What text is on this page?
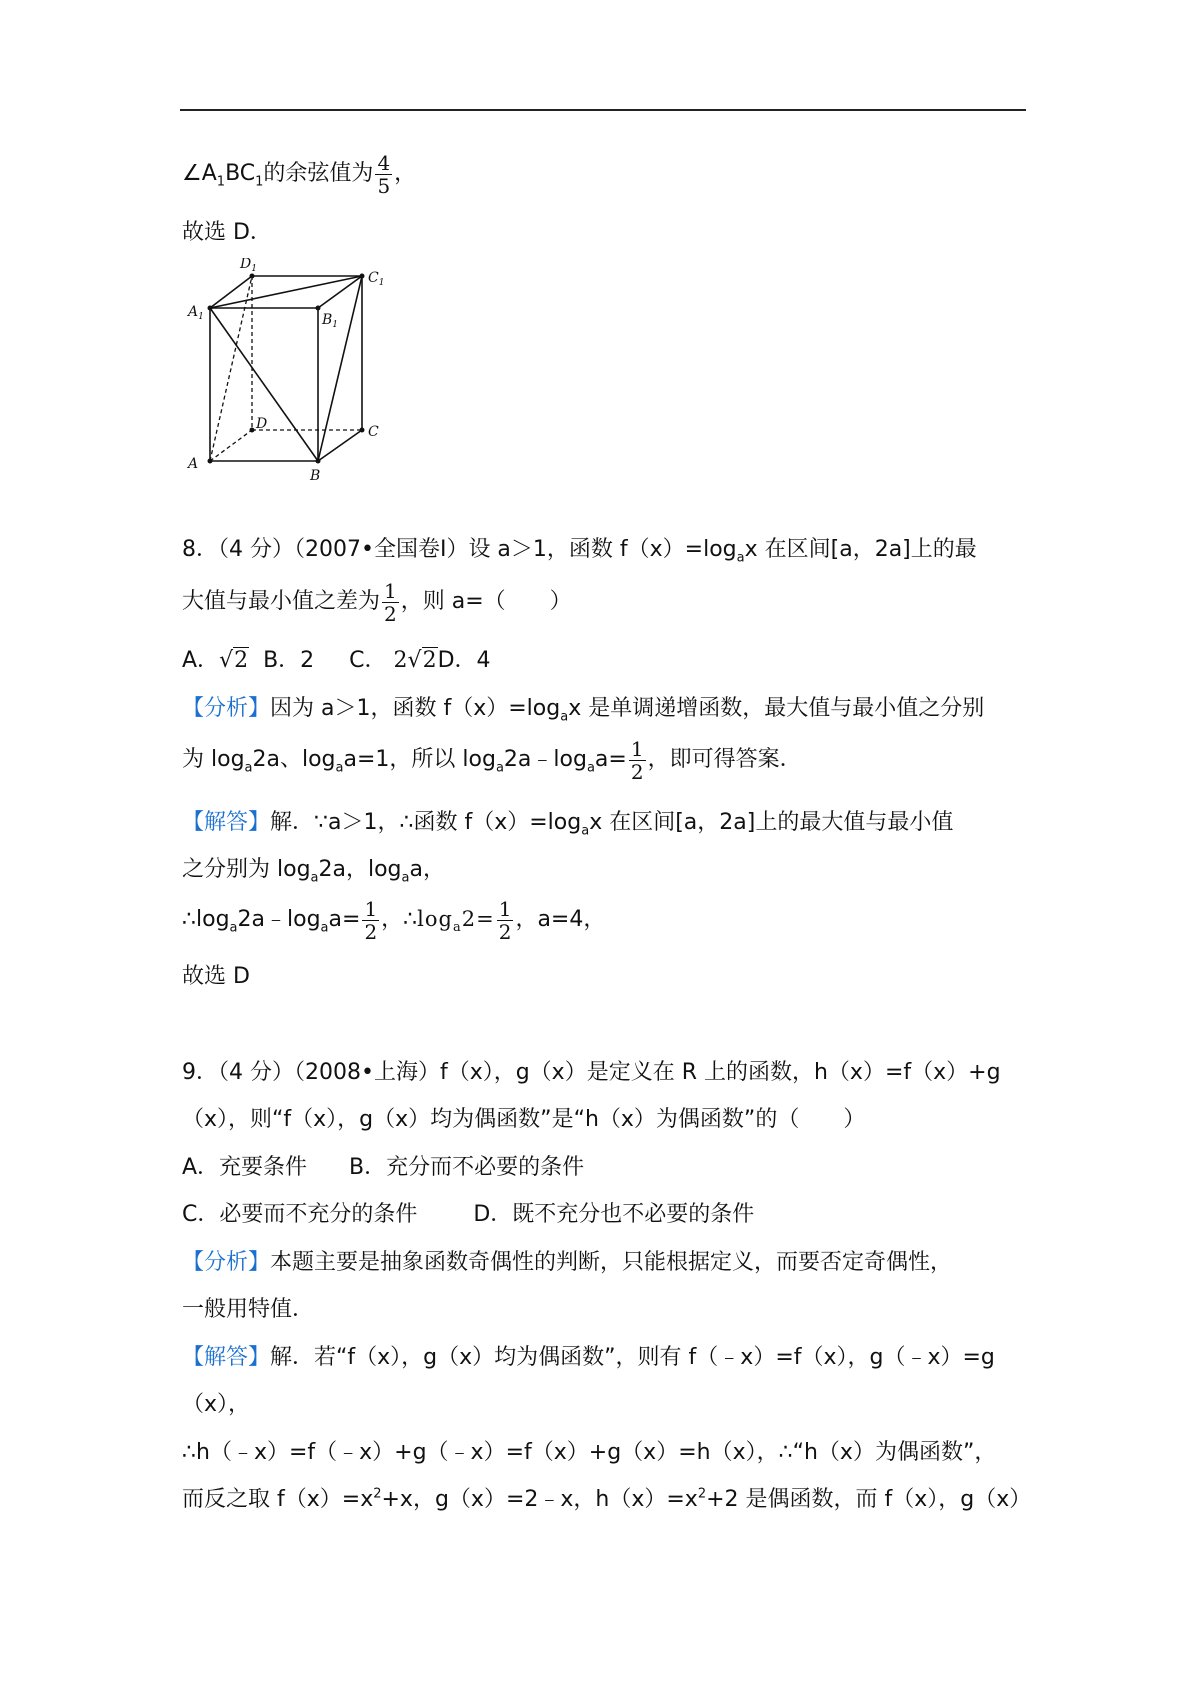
$\angle A_1BC_1$的余弦值为 $\frac{4}{5}$ ，
故选 D．
$A_1$
$D_1$
$C_1$
$B_1$
A
B
C
D
8．（4 分）（2007•全国卷Ⅰ）设 a＞1，函数 $f(x)=\log_ax$ 在区间[a，2a]上的最
大值与最小值之差为 $\frac{1}{2}$ ，则 a=（　　）
A．√2 B．2 C． 2√2D．4
【分析】因为 a＞1，函数 $f(x)=\log_ax$ 是单调递增函数，最大值与最小值之分别
为 $\log_a2a$、$\log_aa=1$，所以 $\log_a2a﹣\log_aa= \frac{1}{2}$ ，即可得答案．
【解答】解．∵a＞1，∴函数 $f(x)=\log_ax$ 在区间[a，2a]上的最大值与最小值
之分别为 $\log_a2a$，$\log_aa$，
$\therefore\log_a2a﹣\log_aa= \frac{1}{2}$ ，$\therefore\log_a2= \frac{1}{2}$ ，a=4，
故选 D
9．（4 分）（2008•上海）f（x），g（x）是定义在 R 上的函数，h（x）=f（x）+g
（x），则“f（x），g（x）均为偶函数”是“h（x）为偶函数”的（　　）
A．充要条件 B．充分而不必要的条件
C．必要而不充分的条件	D．既不充分也不必要的条件
【分析】本题主要是抽象函数奇偶性的判断，只能根据定义，而要否定奇偶性，
一般用特值．
【解答】解．若“f（x），g（x）均为偶函数”，则有 f（﹣x）=f（x），g（﹣x）=g
（x），
∴h（﹣x）=f（﹣x）+g（﹣x）=f（x）+g（x）=h（x），∴“h（x）为偶函数”，
而反之取 $f(x)=x^2+x$，g（x）=2﹣x，$h(x)=x^2+2$ 是偶函数，而 f（x），g（x）
